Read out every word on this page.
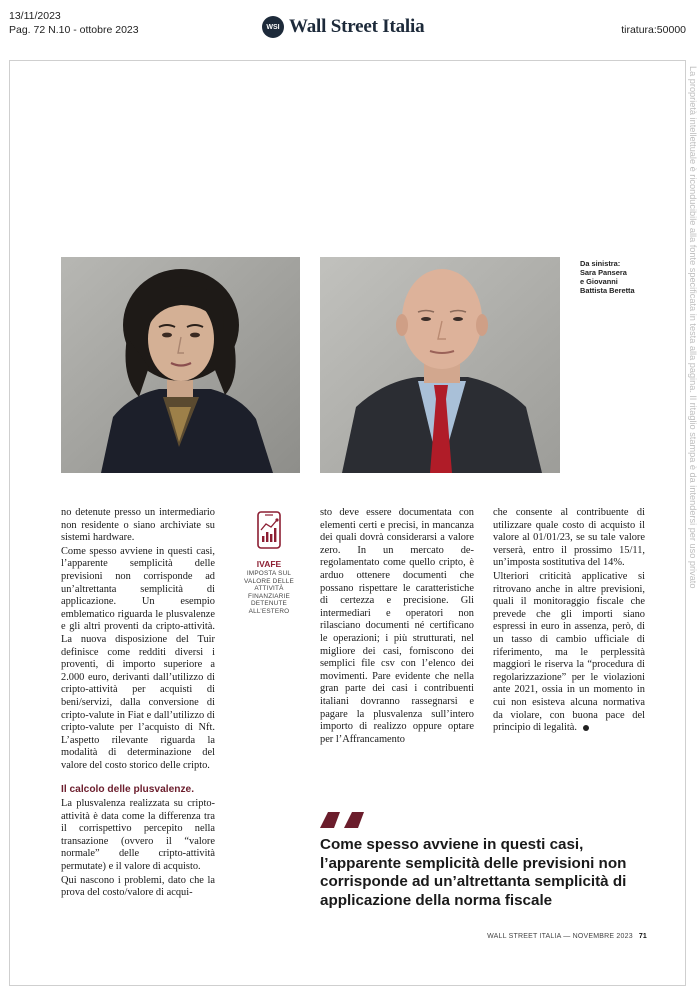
13/11/2023
Pag. 72 N.10 - ottobre 2023	WSI Wall Street Italia	tiratura:50000
La proprietà intellettuale è riconducibile alla fonte specificata in testa alla pagina. Il ritaglio stampa è da intendersi per uso privato
Da sinistra:
Sara Pansera
e Giovanni
Battista Beretta

no detenute presso un intermediario non residente o siano archiviate su sistemi hardware.

Come spesso avviene in questi casi, l’apparente semplicità delle previsioni non corrisponde ad un’altrettanta semplicità di applicazione. Un esempio emblematico riguarda le plusvalenze e gli altri proventi da cripto-attività. La nuova disposizione del Tuir definisce come redditi diversi i proventi, di importo superiore a 2.000 euro, derivanti dall’utilizzo di cripto-attività per acquisti di beni/servizi, dalla conversione di cripto-valute in Fiat e dall’utilizzo di cripto-valute per l’acquisto di Nft. L’aspetto rilevante riguarda la modalità di determinazione del valore del costo storico delle cripto.

Il calcolo delle plusvalenze.

La plusvalenza realizzata su cripto-attività è data come la differenza tra il corrispettivo percepito nella transazione (ovvero il “valore normale” delle cripto-attività permutate) e il valore di acquisto.

Qui nascono i problemi, dato che la prova del costo/valore di acqui-

IVAFE
IMPOSTA SUL VALORE DELLE ATTIVITÀ FINANZIARIE DETENUTE ALL’ESTERO

sto deve essere documentata con elementi certi e precisi, in mancanza dei quali dovrà considerarsi a valore zero. In un mercato de-regolamentato come quello cripto, è arduo ottenere documenti che possano rispettare le caratteristiche di certezza e precisione. Gli intermediari e operatori non rilasciano documenti né certificano le operazioni; i più strutturati, nel migliore dei casi, forniscono dei semplici file csv con l’elenco dei movimenti. Pare evidente che nella gran parte dei casi i contribuenti italiani dovranno rassegnarsi e pagare la plusvalenza sull’intero importo di realizzo oppure optare per l’Affrancamento

che consente al contribuente di utilizzare quale costo di acquisto il valore al 01/01/23, se su tale valore verserà, entro il prossimo 15/11, un’imposta sostitutiva del 14%.

Ulteriori criticità applicative si ritrovano anche in altre previsioni, quali il monitoraggio fiscale che prevede che gli importi siano espressi in euro in assenza, però, di un tasso di cambio ufficiale di riferimento, ma le perplessità maggiori le riserva la “procedura di regolarizzazione” per le violazioni ante 2021, ossia in un momento in cui non esisteva alcuna normativa da violare, con buona pace del principio di legalità.

Come spesso avviene in questi casi, l’apparente semplicità delle previsioni non corrisponde ad un’altrettanta semplicità di applicazione della norma fiscale
WALL STREET ITALIA — NOVEMBRE 2023 71
